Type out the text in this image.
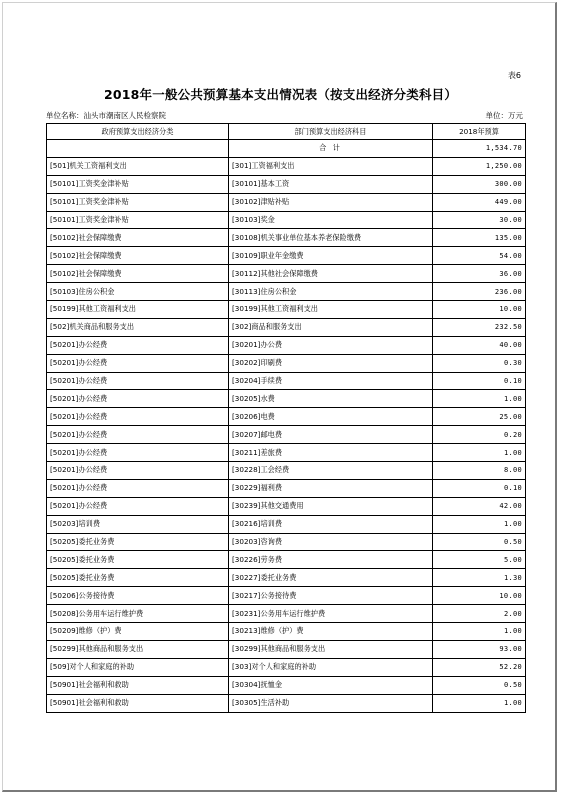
表6
2018年一般公共预算基本支出情况表（按支出经济分类科目）
单位名称：汕头市潮南区人民检察院	单位：万元
政府预算支出经济分类	部门预算支出经济科目	2018年预算
	合 计	1,534.70
[501]机关工资福利支出	[301]工资福利支出	1,250.00
[50101]工资奖金津补贴	[30101]基本工资	300.00
[50101]工资奖金津补贴	[30102]津贴补贴	449.00
[50101]工资奖金津补贴	[30103]奖金	30.00
[50102]社会保障缴费	[30108]机关事业单位基本养老保险缴费	135.00
[50102]社会保障缴费	[30109]职业年金缴费	54.00
[50102]社会保障缴费	[30112]其他社会保障缴费	36.00
[50103]住房公积金	[30113]住房公积金	236.00
[50199]其他工资福利支出	[30199]其他工资福利支出	10.00
[502]机关商品和服务支出	[302]商品和服务支出	232.50
[50201]办公经费	[30201]办公费	40.00
[50201]办公经费	[30202]印刷费	0.30
[50201]办公经费	[30204]手续费	0.10
[50201]办公经费	[30205]水费	1.00
[50201]办公经费	[30206]电费	25.00
[50201]办公经费	[30207]邮电费	0.20
[50201]办公经费	[30211]差旅费	1.00
[50201]办公经费	[30228]工会经费	8.00
[50201]办公经费	[30229]福利费	0.10
[50201]办公经费	[30239]其他交通费用	42.00
[50203]培训费	[30216]培训费	1.00
[50205]委托业务费	[30203]咨询费	0.50
[50205]委托业务费	[30226]劳务费	5.00
[50205]委托业务费	[30227]委托业务费	1.30
[50206]公务接待费	[30217]公务接待费	10.00
[50208]公务用车运行维护费	[30231]公务用车运行维护费	2.00
[50209]维修（护）费	[30213]维修（护）费	1.00
[50299]其他商品和服务支出	[30299]其他商品和服务支出	93.00
[509]对个人和家庭的补助	[303]对个人和家庭的补助	52.20
[50901]社会福利和救助	[30304]抚恤金	0.50
[50901]社会福利和救助	[30305]生活补助	1.00
